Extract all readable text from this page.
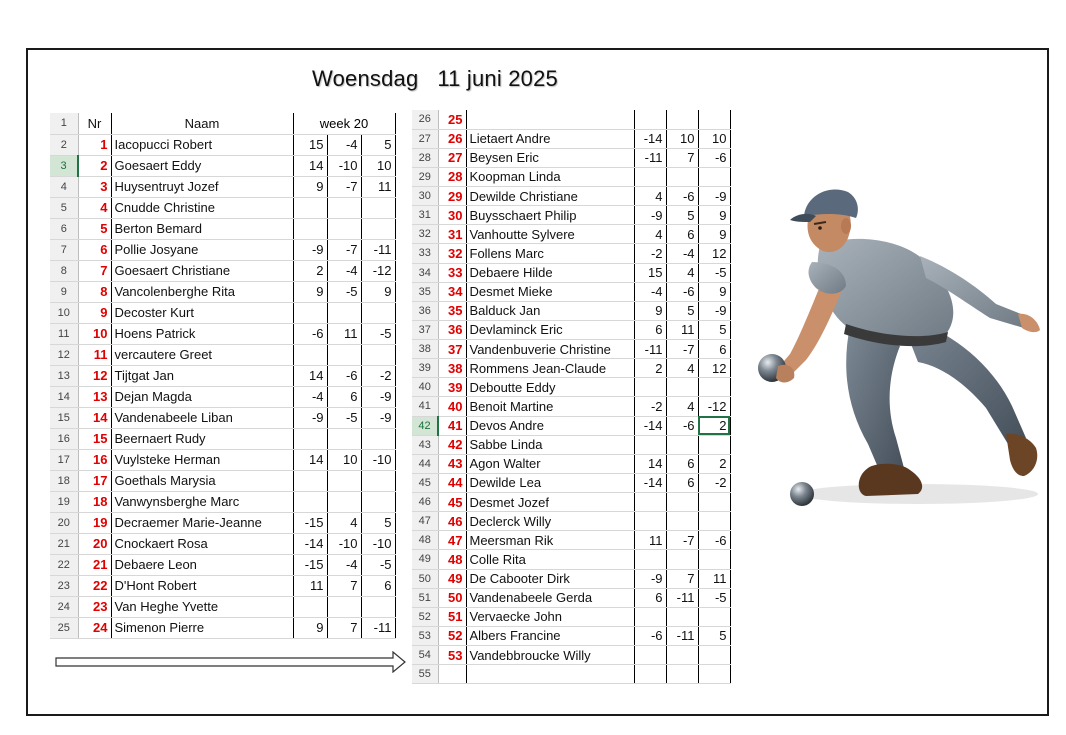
Woensdag   11 juni 2025
1	Nr	Naam	week 20		
2	1	Iacopucci Robert	15	-4	5
3	2	Goesaert Eddy	14	-10	10
4	3	Huysentruyt Jozef	9	-7	11
5	4	Cnudde Christine			
6	5	Berton Bemard			
7	6	Pollie Josyane	-9	-7	-11
8	7	Goesaert Christiane	2	-4	-12
9	8	Vancolenberghe Rita	9	-5	9
10	9	Decoster Kurt			
11	10	Hoens Patrick	-6	11	-5
12	11	vercautere Greet			
13	12	Tijtgat Jan	14	-6	-2
14	13	Dejan Magda	-4	6	-9
15	14	Vandenabeele Liban	-9	-5	-9
16	15	Beernaert Rudy			
17	16	Vuylsteke Herman	14	10	-10
18	17	Goethals Marysia			
19	18	Vanwynsberghe Marc			
20	19	Decraemer Marie-Jeanne	-15	4	5
21	20	Cnockaert Rosa	-14	-10	-10
22	21	Debaere Leon	-15	-4	-5
23	22	D'Hont Robert	11	7	6
24	23	Van Heghe Yvette			
25	24	Simenon Pierre	9	7	-11
26	25				
27	26	Lietaert Andre	-14	10	10
28	27	Beysen Eric	-11	7	-6
29	28	Koopman Linda			
30	29	Dewilde Christiane	4	-6	-9
31	30	Buysschaert Philip	-9	5	9
32	31	Vanhoutte Sylvere	4	6	9
33	32	Follens Marc	-2	-4	12
34	33	Debaere Hilde	15	4	-5
35	34	Desmet Mieke	-4	-6	9
36	35	Balduck Jan	9	5	-9
37	36	Devlaminck Eric	6	11	5
38	37	Vandenbuverie Christine	-11	-7	6
39	38	Rommens Jean-Claude	2	4	12
40	39	Deboutte Eddy			
41	40	Benoit Martine	-2	4	-12
42	41	Devos Andre	-14	-6	2
43	42	Sabbe Linda			
44	43	Agon Walter	14	6	2
45	44	Dewilde Lea	-14	6	-2
46	45	Desmet Jozef			
47	46	Declerck Willy			
48	47	Meersman Rik	11	-7	-6
49	48	Colle Rita			
50	49	De Cabooter Dirk	-9	7	11
51	50	Vandenabeele Gerda	6	-11	-5
52	51	Vervaecke John			
53	52	Albers Francine	-6	-11	5
54	53	Vandebbroucke Willy			
55					
